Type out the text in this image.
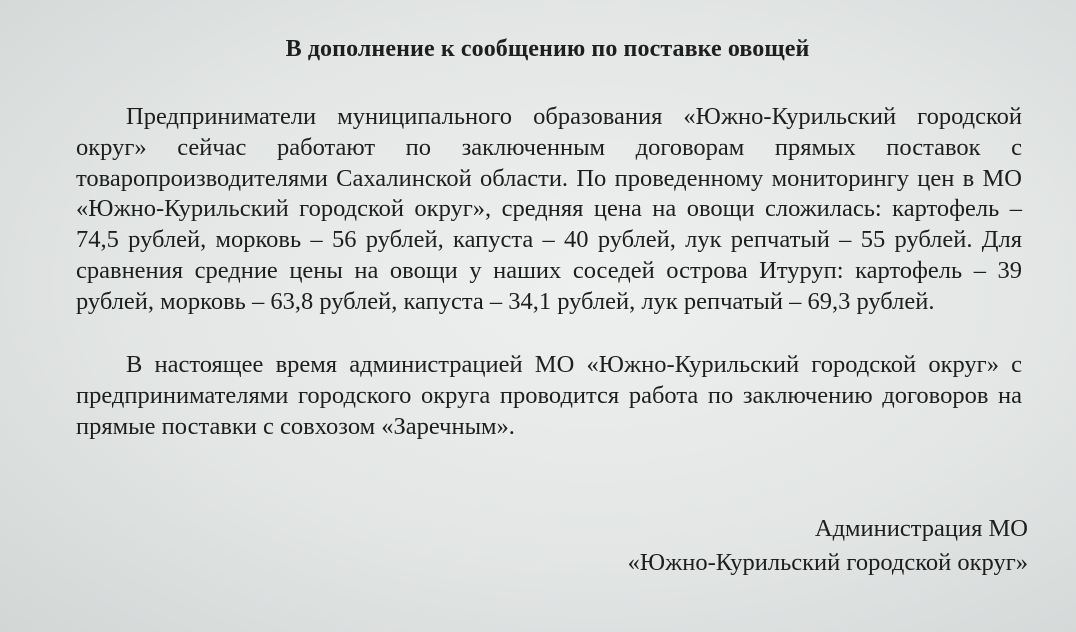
В дополнение к сообщению по поставке овощей

Предприниматели муниципального образования «Южно-Курильский городской округ» сейчас работают по заключенным договорам прямых поставок с товаропроизводителями Сахалинской области. По проведенному мониторингу цен в МО «Южно-Курильский городской округ», средняя цена на овощи сложилась: картофель – 74,5 рублей, морковь – 56 рублей, капуста – 40 рублей, лук репчатый – 55 рублей. Для сравнения средние цены на овощи у наших соседей острова Итуруп: картофель – 39 рублей, морковь – 63,8 рублей, капуста – 34,1 рублей, лук репчатый – 69,3 рублей.

В настоящее время администрацией МО «Южно-Курильский городской округ» с предпринимателями городского округа проводится работа по заключению договоров на прямые поставки с совхозом «Заречным».

Администрация МО
«Южно-Курильский городской округ»
